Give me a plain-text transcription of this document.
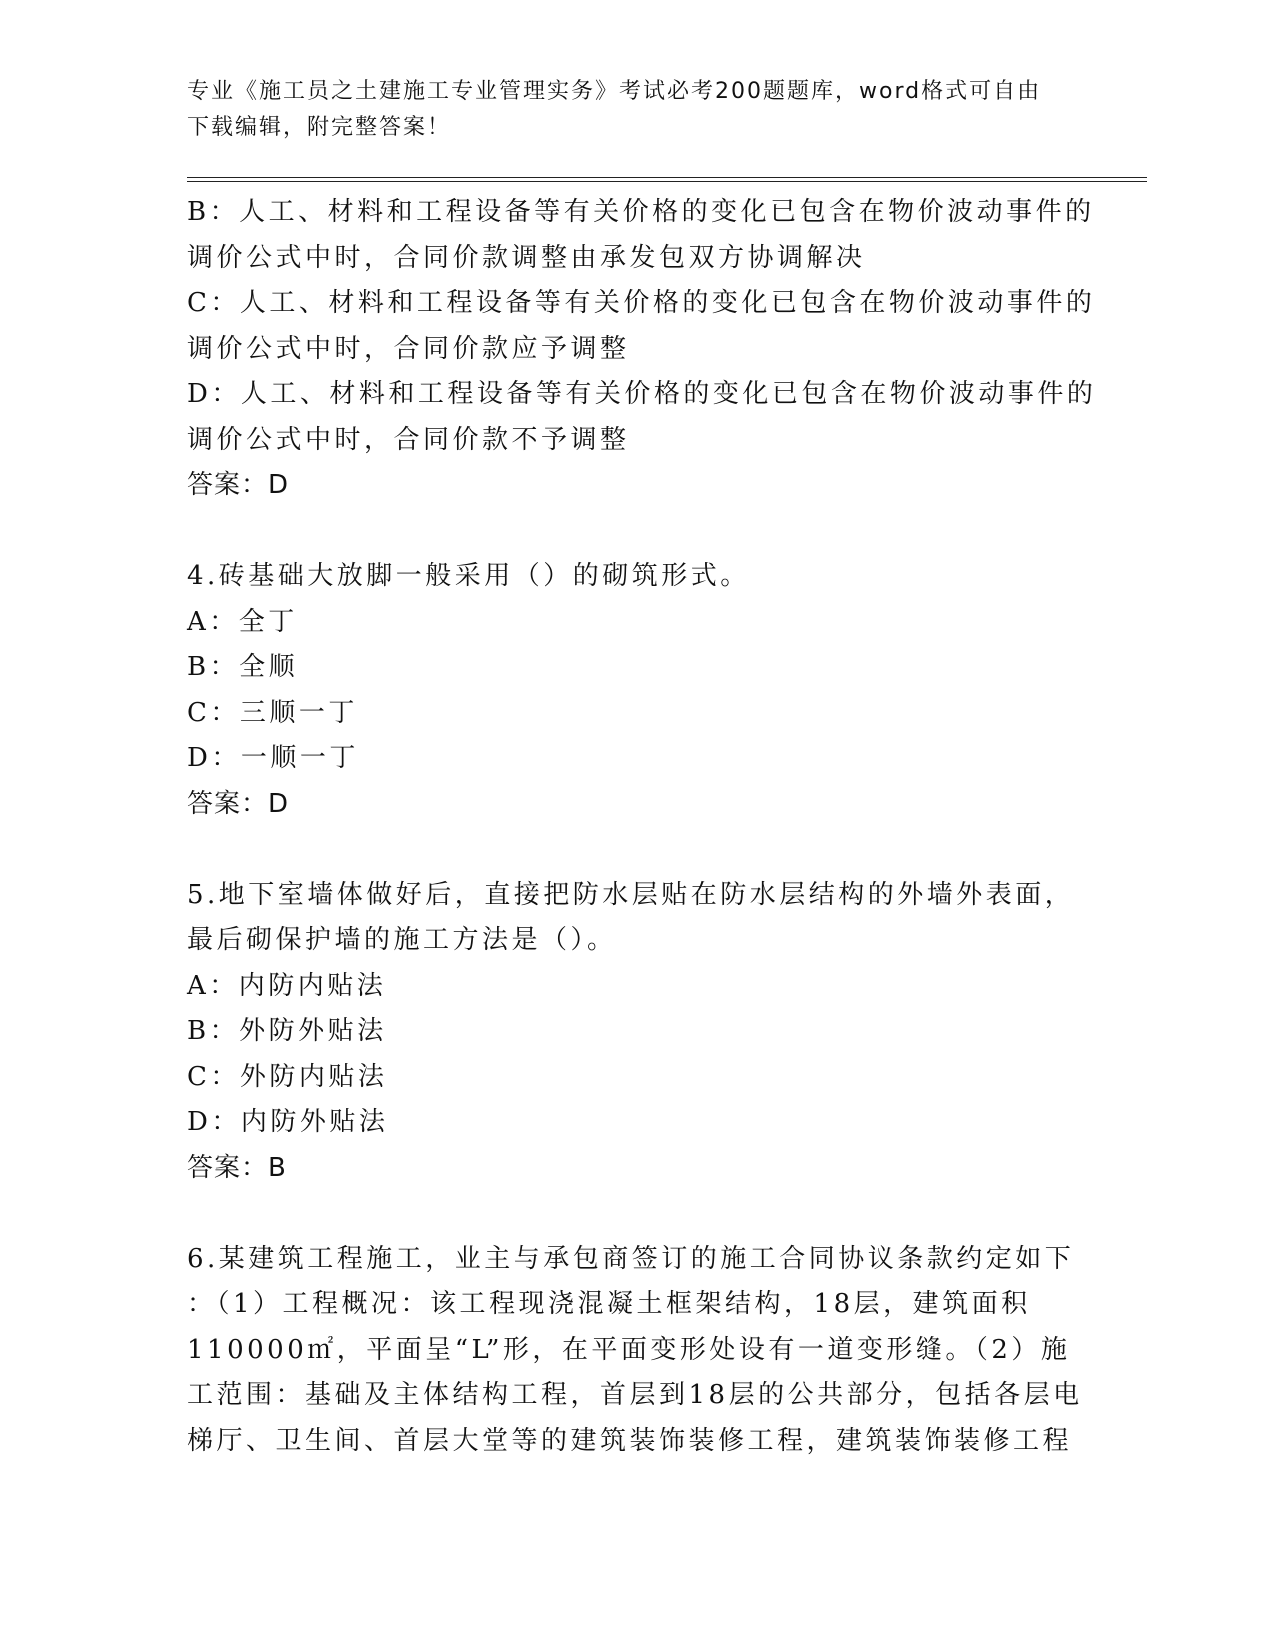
专业《施工员之土建施工专业管理实务》考试必考200题题库，word格式可自由
下载编辑，附完整答案！
B：人工、材料和工程设备等有关价格的变化已包含在物价波动事件的
调价公式中时，合同价款调整由承发包双方协调解决
C：人工、材料和工程设备等有关价格的变化已包含在物价波动事件的
调价公式中时，合同价款应予调整
D：人工、材料和工程设备等有关价格的变化已包含在物价波动事件的
调价公式中时，合同价款不予调整
答案：D
4.砖基础大放脚一般采用（）的砌筑形式。
A：全丁
B：全顺
C：三顺一丁
D：一顺一丁
答案：D
5.地下室墙体做好后，直接把防水层贴在防水层结构的外墙外表面，
最后砌保护墙的施工方法是（）。
A：内防内贴法
B：外防外贴法
C：外防内贴法
D：内防外贴法
答案：B
6.某建筑工程施工，业主与承包商签订的施工合同协议条款约定如下
：（1）工程概况：该工程现浇混凝土框架结构，18层，建筑面积
110000㎡，平面呈“L”形，在平面变形处设有一道变形缝。（2）施
工范围：基础及主体结构工程，首层到18层的公共部分，包括各层电
梯厅、卫生间、首层大堂等的建筑装饰装修工程，建筑装饰装修工程
